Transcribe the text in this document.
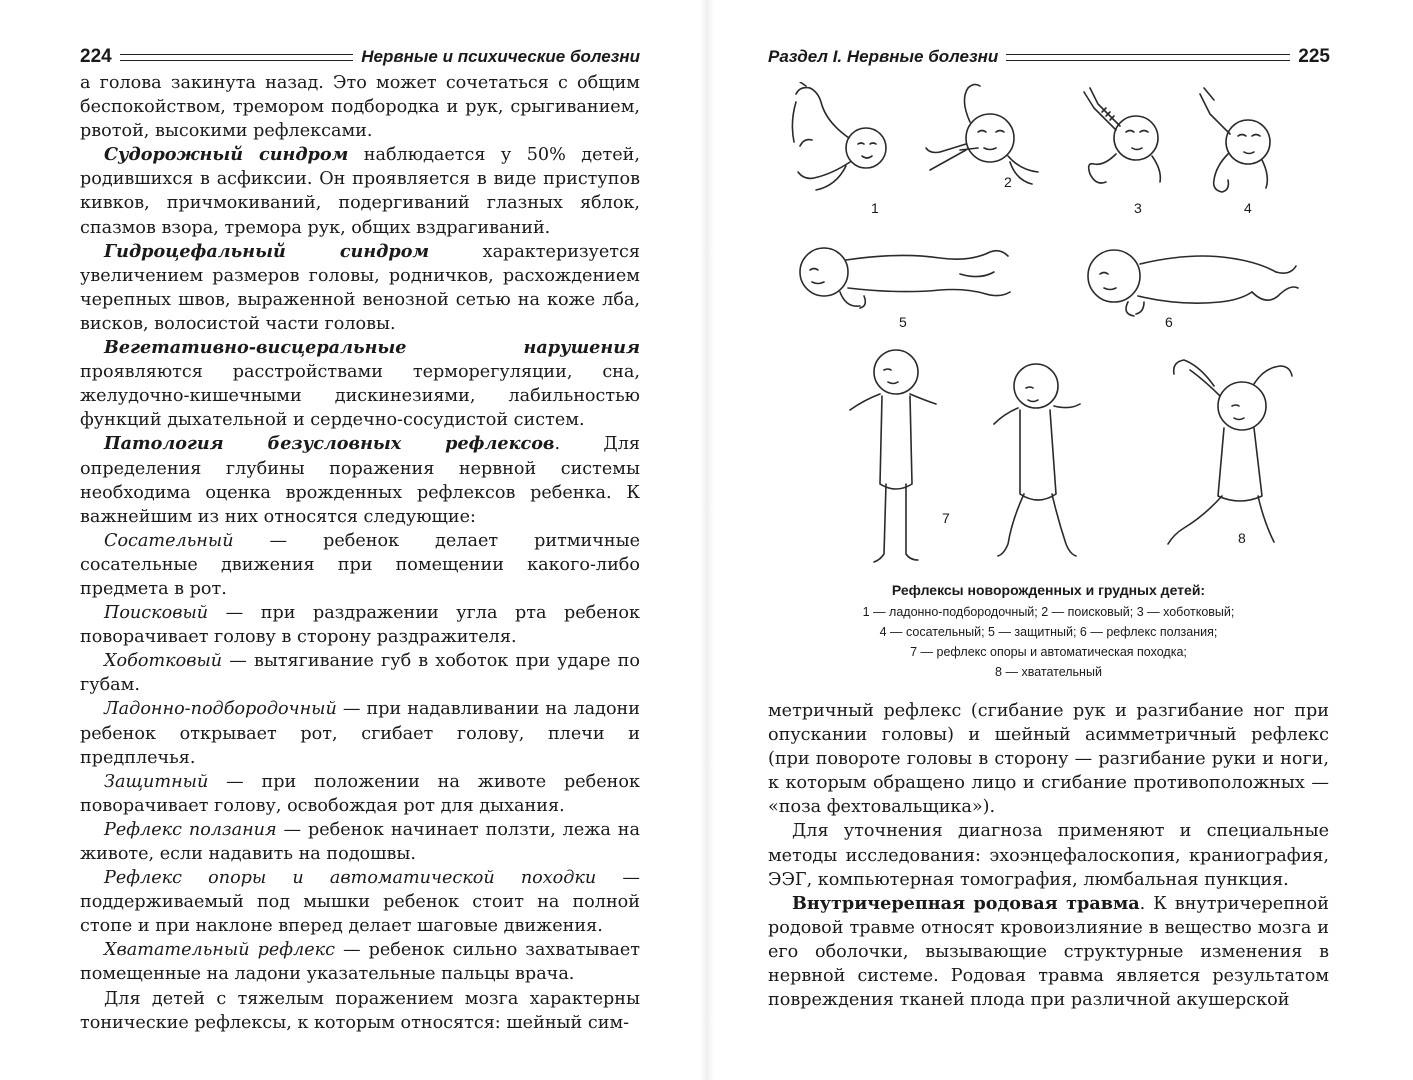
224	Нервные и психические болезни

а голова закинута назад. Это может сочетаться с общим беспокойством, тремором подбородка и рук, срыгиванием, рвотой, высокими рефлексами.

Судорожный синдром наблюдается у 50% детей, родившихся в асфиксии. Он проявляется в виде приступов кивков, причмокиваний, подергиваний глазных яблок, спазмов взора, тремора рук, общих вздрагиваний.

Гидроцефальный синдром характеризуется увеличением размеров головы, родничков, расхождением черепных швов, выраженной венозной сетью на коже лба, висков, волосистой части головы.

Вегетативно-висцеральные нарушения проявляются расстройствами терморегуляции, сна, желудочно-кишечными дискинезиями, лабильностью функций дыхательной и сердечно-сосудистой систем.

Патология безусловных рефлексов. Для определения глубины поражения нервной системы необходима оценка врожденных рефлексов ребенка. К важнейшим из них относятся следующие:

Сосательный — ребенок делает ритмичные сосательные движения при помещении какого-либо предмета в рот.

Поисковый — при раздражении угла рта ребенок поворачивает голову в сторону раздражителя.

Хоботковый — вытягивание губ в хоботок при ударе по губам.

Ладонно-подбородочный — при надавливании на ладони ребенок открывает рот, сгибает голову, плечи и предплечья.

Защитный — при положении на животе ребенок поворачивает голову, освобождая рот для дыхания.

Рефлекс ползания — ребенок начинает ползти, лежа на животе, если надавить на подошвы.

Рефлекс опоры и автоматической походки — поддерживаемый под мышки ребенок стоит на полной стопе и при наклоне вперед делает шаговые движения.

Хватательный рефлекс — ребенок сильно захватывает помещенные на ладони указательные пальцы врача.

Для детей с тяжелым поражением мозга характерны тонические рефлексы, к которым относятся: шейный сим-

Раздел I. Нервные болезни	225
1
2
3	4
5	6
7
8
Рефлексы новорожденных и грудных детей:
1 — ладонно-подбородочный; 2 — поисковый; 3 — хоботковый;
4 — сосательный; 5 — защитный; 6 — рефлекс ползания;
7 — рефлекс опоры и автоматическая походка;
8 — хватательный

метричный рефлекс (сгибание рук и разгибание ног при опускании головы) и шейный асимметричный рефлекс (при повороте головы в сторону — разгибание руки и ноги, к которым обращено лицо и сгибание противоположных — «поза фехтовальщика»).

Для уточнения диагноза применяют и специальные методы исследования: эхоэнцефалоскопия, краниография, ЭЭГ, компьютерная томография, люмбальная пункция.

Внутричерепная родовая травма. К внутричерепной родовой травме относят кровоизлияние в вещество мозга и его оболочки, вызывающие структурные изменения в нервной системе. Родовая травма является результатом повреждения тканей плода при различной акушерской
